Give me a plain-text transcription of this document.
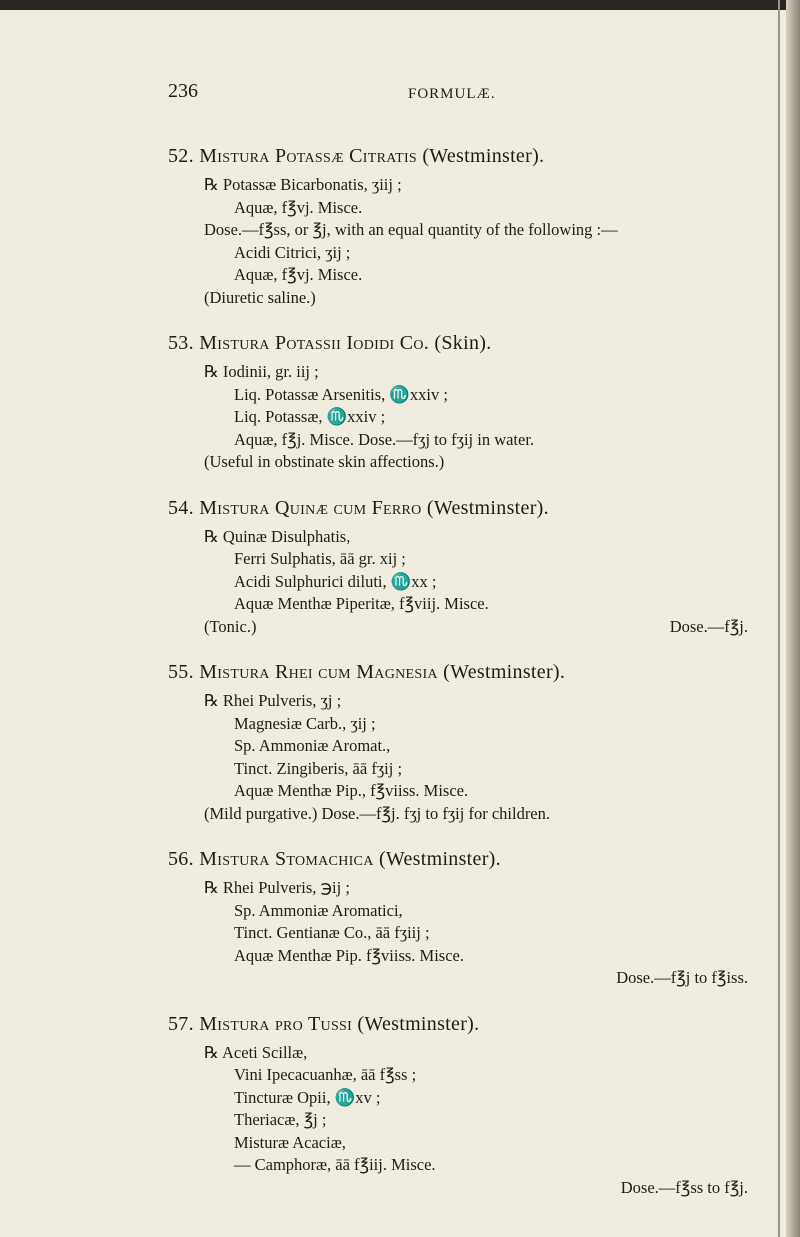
236	FORMULÆ.
52. Mistura Potassæ Citratis (Westminster).
℞ Potassæ Bicarbonatis, ʒiij ;
Aquæ, f℥vj. Misce.
Dose.—f℥ss, or ℥j, with an equal quantity of the following :—
Acidi Citrici, ʒij ;
Aquæ, f℥vj. Misce.
(Diuretic saline.)
53. Mistura Potassii Iodidi Co. (Skin).
℞ Iodinii, gr. iij ;
Liq. Potassæ Arsenitis, ♏xxiv ;
Liq. Potassæ, ♏xxiv ;
Aquæ, f℥j. Misce. Dose.—fʒj to fʒij in water.
(Useful in obstinate skin affections.)
54. Mistura Quinæ cum Ferro (Westminster).
℞ Quinæ Disulphatis,
Ferri Sulphatis, āā gr. xij ;
Acidi Sulphurici diluti, ♏xx ;
Aquæ Menthæ Piperitæ, f℥viij. Misce.
(Tonic.)	Dose.—f℥j.
55. Mistura Rhei cum Magnesia (Westminster).
℞ Rhei Pulveris, ʒj ;
Magnesiæ Carb., ʒij ;
Sp. Ammoniæ Aromat.,
Tinct. Zingiberis, āā fʒij ;
Aquæ Menthæ Pip., f℥viiss. Misce.
(Mild purgative.) Dose.—f℥j. fʒj to fʒij for children.
56. Mistura Stomachica (Westminster).
℞ Rhei Pulveris, ℈ij ;
Sp. Ammoniæ Aromatici,
Tinct. Gentianæ Co., āā fʒiij ;
Aquæ Menthæ Pip. f℥viiss. Misce.
Dose.—f℥j to f℥iss.
57. Mistura pro Tussi (Westminster).
℞ Aceti Scillæ,
Vini Ipecacuanhæ, āā f℥ss ;
Tincturæ Opii, ♏xv ;
Theriacæ, ℥j ;
Misturæ Acaciæ,
— Camphoræ, āā f℥iij. Misce.
Dose.—f℥ss to f℥j.
